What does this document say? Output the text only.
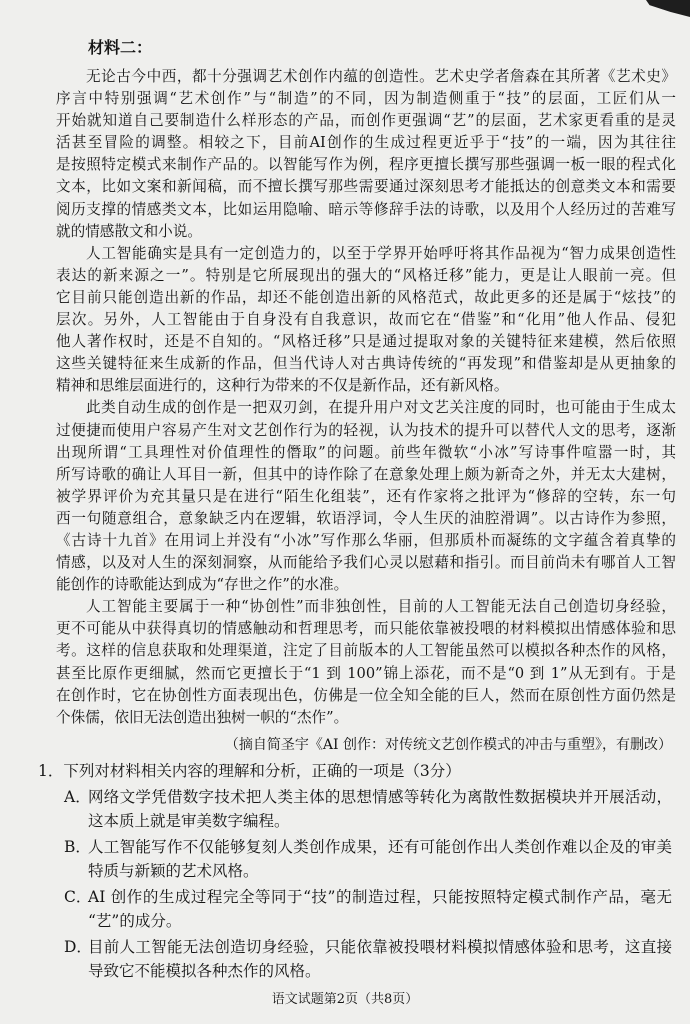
材料二：
无论古今中西，都十分强调艺术创作内蕴的创造性。艺术史学者詹森在其所著《艺术史》
序言中特别强调“艺术创作”与“制造”的不同，因为制造侧重于“技”的层面，工匠们从一
开始就知道自己要制造什么样形态的产品，而创作更强调“艺”的层面，艺术家更看重的是灵
活甚至冒险的调整。相较之下，目前AI创作的生成过程更近乎于“技”的一端，因为其往往
是按照特定模式来制作产品的。以智能写作为例，程序更擅长撰写那些强调一板一眼的程式化
文本，比如文案和新闻稿，而不擅长撰写那些需要通过深刻思考才能抵达的创意类文本和需要
阅历支撑的情感类文本，比如运用隐喻、暗示等修辞手法的诗歌，以及用个人经历过的苦难写
就的情感散文和小说。
人工智能确实是具有一定创造力的，以至于学界开始呼吁将其作品视为“智力成果创造性
表达的新来源之一”。特别是它所展现出的强大的“风格迁移”能力，更是让人眼前一亮。但
它目前只能创造出新的作品，却还不能创造出新的风格范式，故此更多的还是属于“炫技”的
层次。另外，人工智能由于自身没有自我意识，故而它在“借鉴”和“化用”他人作品、侵犯
他人著作权时，还是不自知的。“风格迁移”只是通过提取对象的关键特征来建模，然后依照
这些关键特征来生成新的作品，但当代诗人对古典诗传统的“再发现”和借鉴却是从更抽象的
精神和思维层面进行的，这种行为带来的不仅是新作品，还有新风格。
此类自动生成的创作是一把双刃剑，在提升用户对文艺关注度的同时，也可能由于生成太
过便捷而使用户容易产生对文艺创作行为的轻视，认为技术的提升可以替代人文的思考，逐渐
出现所谓“工具理性对价值理性的僭取”的问题。前些年微软“小冰”写诗事件喧嚣一时，其
所写诗歌的确让人耳目一新，但其中的诗作除了在意象处理上颇为新奇之外，并无太大建树，
被学界评价为充其量只是在进行“陌生化组装”，还有作家将之批评为“修辞的空转，东一句
西一句随意组合，意象缺乏内在逻辑，软语浮词，令人生厌的油腔滑调”。以古诗作为参照，
《古诗十九首》在用词上并没有“小冰”写作那么华丽，但那质朴而凝练的文字蕴含着真挚的
情感，以及对人生的深刻洞察，从而能给予我们心灵以慰藉和指引。而目前尚未有哪首人工智
能创作的诗歌能达到成为“存世之作”的水准。
人工智能主要属于一种“协创性”而非独创性，目前的人工智能无法自己创造切身经验，
更不可能从中获得真切的情感触动和哲理思考，而只能依靠被投喂的材料模拟出情感体验和思
考。这样的信息获取和处理渠道，注定了目前版本的人工智能虽然可以模拟各种杰作的风格，
甚至比原作更细腻，然而它更擅长于“1 到 100”锦上添花，而不是“0 到 1”从无到有。于是
在创作时，它在协创性方面表现出色，仿佛是一位全知全能的巨人，然而在原创性方面仍然是
个侏儒，依旧无法创造出独树一帜的“杰作”。
（摘自简圣宇《AI 创作：对传统文艺创作模式的冲击与重塑》，有删改）
1．下列对材料相关内容的理解和分析，正确的一项是（3分）
A．
网络文学凭借数字技术把人类主体的思想情感等转化为离散性数据模块并开展活动，
这本质上就是审美数字编程。
B．
人工智能写作不仅能够复刻人类创作成果，还有可能创作出人类创作难以企及的审美
特质与新颖的艺术风格。
C．
AI 创作的生成过程完全等同于“技”的制造过程，只能按照特定模式制作产品，毫无
“艺”的成分。
D．
目前人工智能无法创造切身经验，只能依靠被投喂材料模拟情感体验和思考，这直接
导致它不能模拟各种杰作的风格。
语文试题第2页（共8页）
